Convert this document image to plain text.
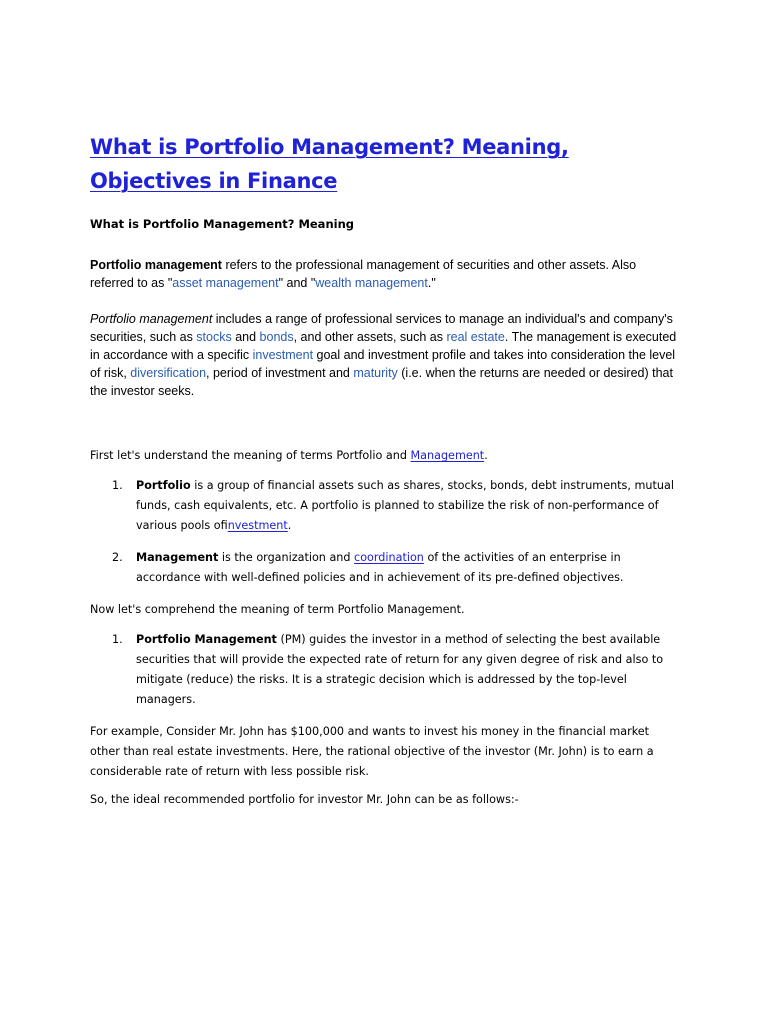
What is Portfolio Management? Meaning, Objectives in Finance

What is Portfolio Management? Meaning

Portfolio management refers to the professional management of securities and other assets. Also referred to as "asset management" and "wealth management."

Portfolio management includes a range of professional services to manage an individual's and company's securities, such as stocks and bonds, and other assets, such as real estate. The management is executed in accordance with a specific investment goal and investment profile and takes into consideration the level of risk, diversification, period of investment and maturity (i.e. when the returns are needed or desired) that the investor seeks.

First let's understand the meaning of terms Portfolio and Management.

1. Portfolio is a group of financial assets such as shares, stocks, bonds, debt instruments, mutual funds, cash equivalents, etc. A portfolio is planned to stabilize the risk of non-performance of various pools ofinvestment.
2. Management is the organization and coordination of the activities of an enterprise in accordance with well-defined policies and in achievement of its pre-defined objectives.

Now let's comprehend the meaning of term Portfolio Management.

1. Portfolio Management (PM) guides the investor in a method of selecting the best available securities that will provide the expected rate of return for any given degree of risk and also to mitigate (reduce) the risks. It is a strategic decision which is addressed by the top-level managers.

For example, Consider Mr. John has $100,000 and wants to invest his money in the financial market other than real estate investments. Here, the rational objective of the investor (Mr. John) is to earn a considerable rate of return with less possible risk.

So, the ideal recommended portfolio for investor Mr. John can be as follows:-
